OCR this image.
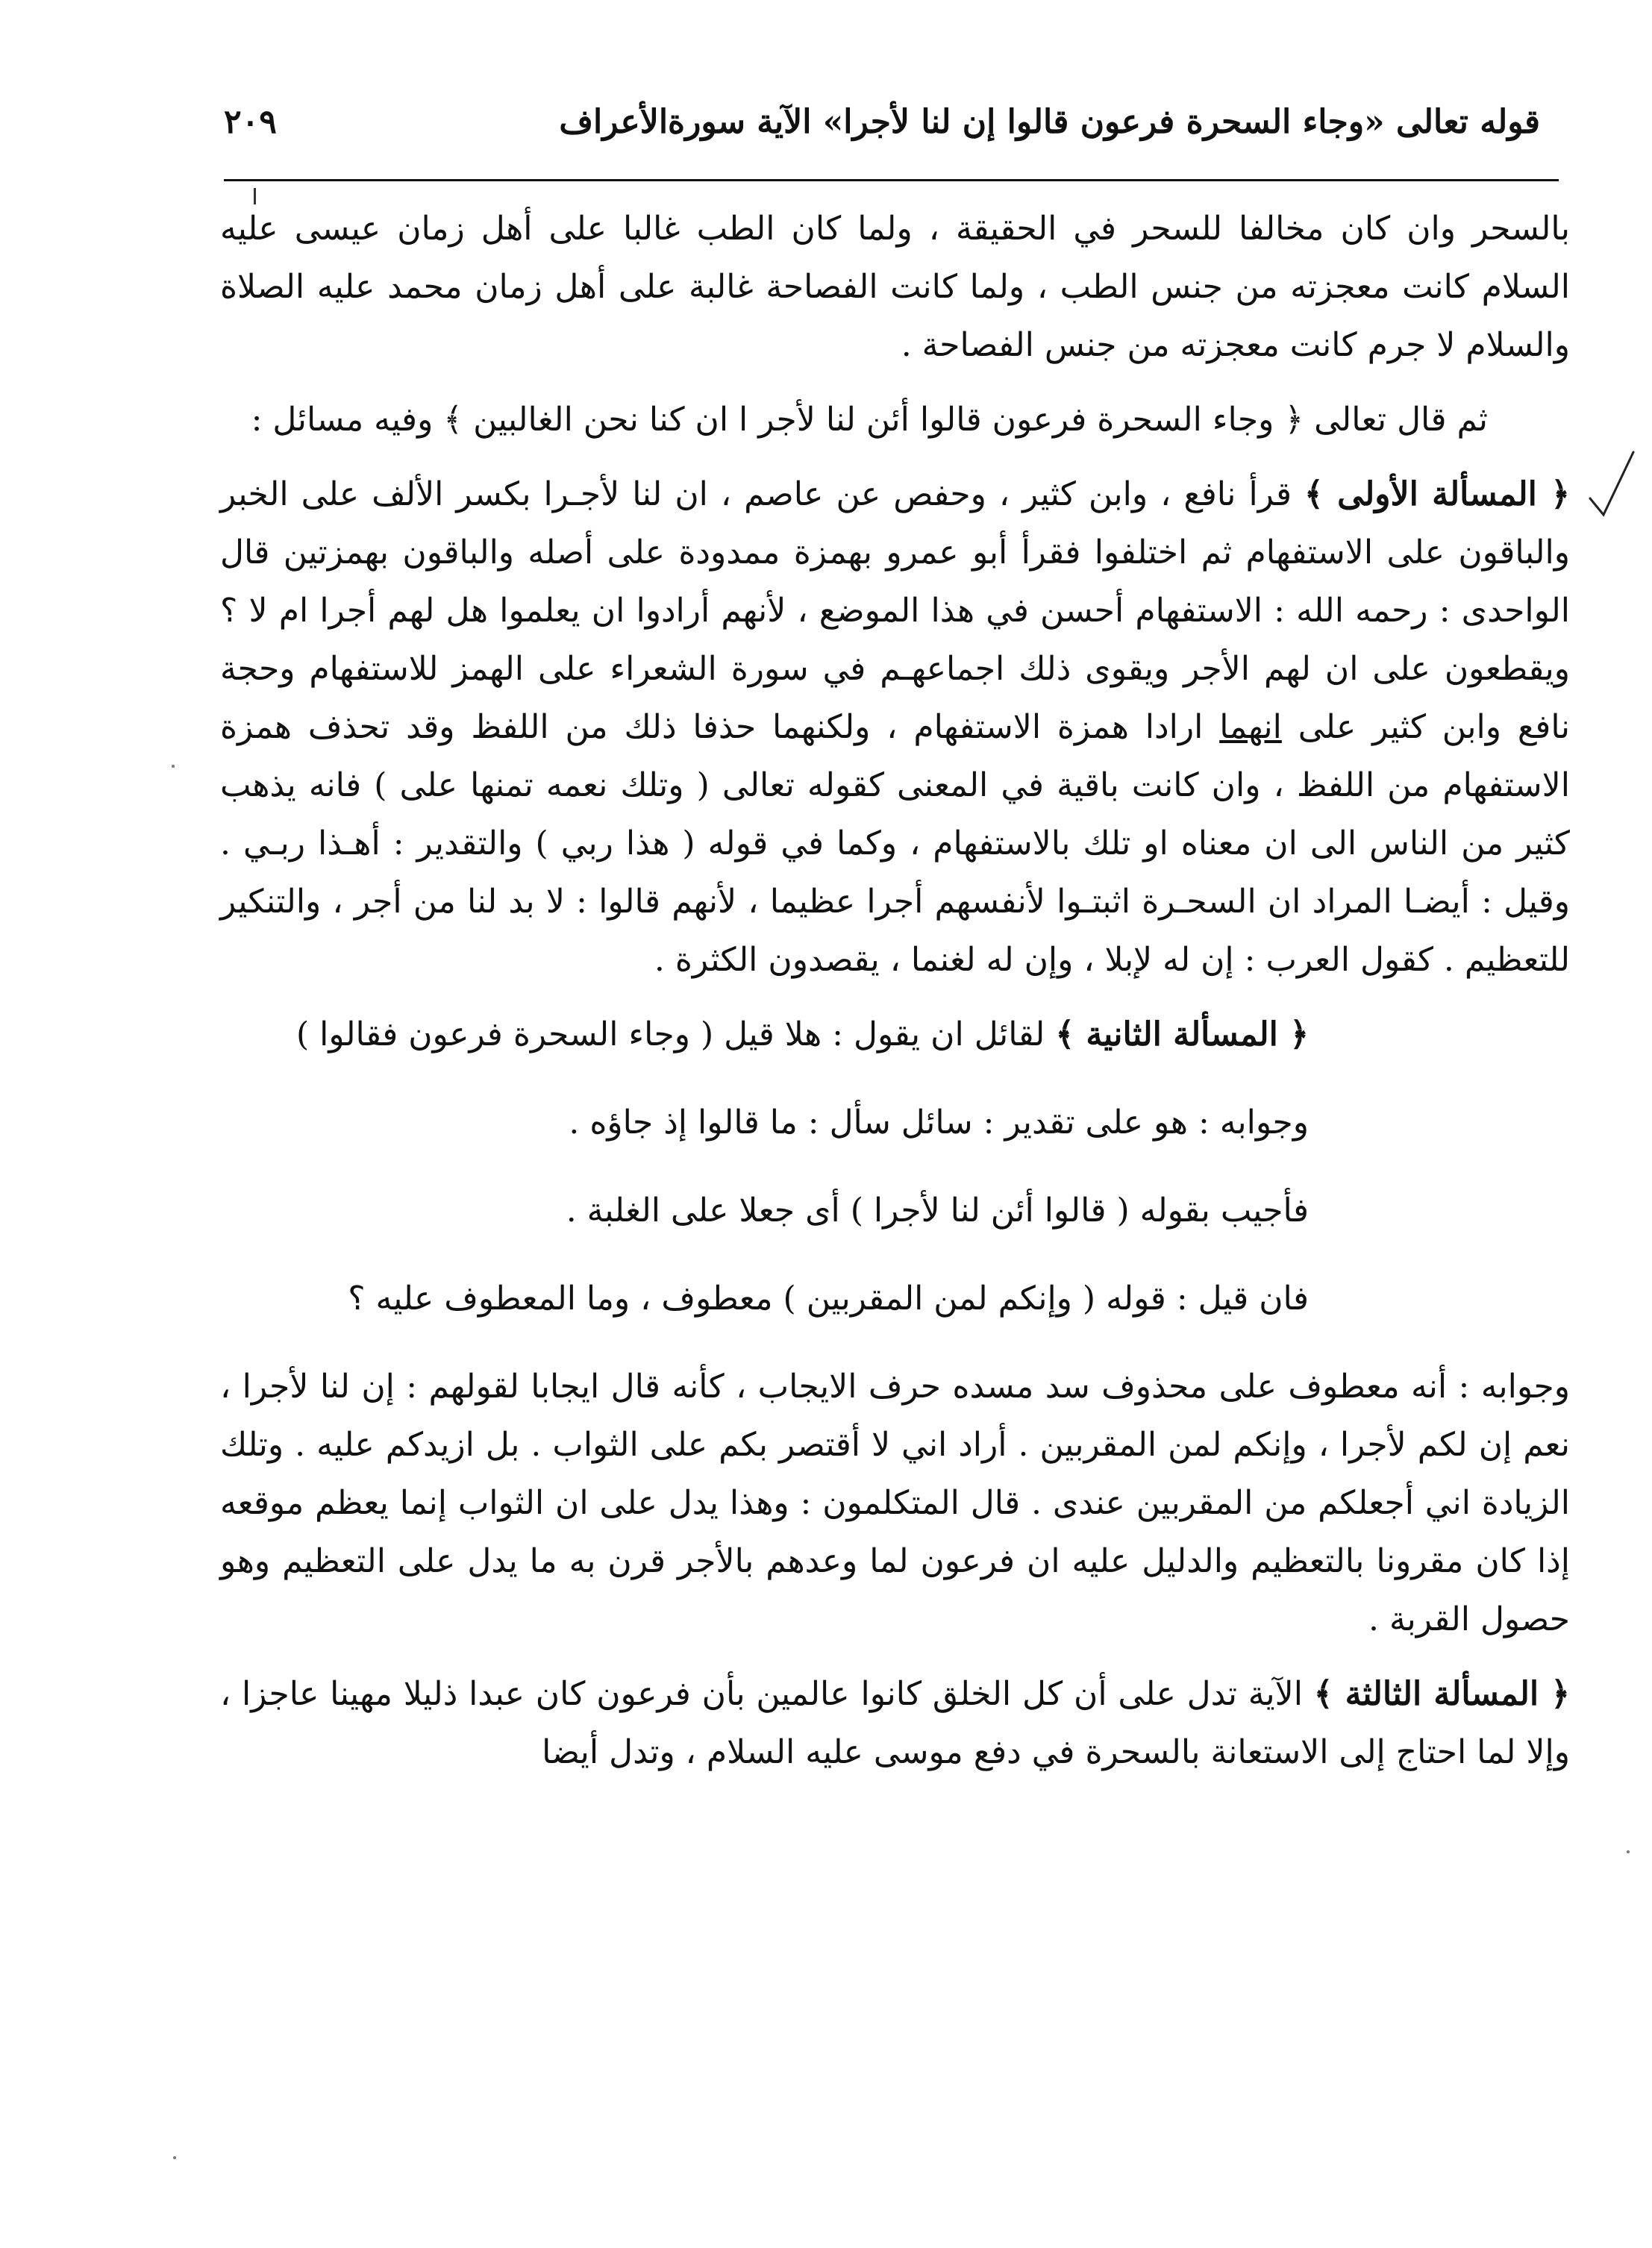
قوله تعالى «وجاء السحرة فرعون قالوا إن لنا لأجرا» الآية سورةالأعراف
٢٠٩

بالسحر وان كان مخالفا للسحر في الحقيقة ، ولما كان الطب غالبا على أهل زمان عيسى عليه السلام كانت معجزته من جنس الطب ، ولما كانت الفصاحة غالبة على أهل زمان محمد عليه الصلاة والسلام لا جرم كانت معجزته من جنس الفصاحة .

ثم قال تعالى ﴿ وجاء السحرة فرعون قالوا أئن لنا لأجر ا ان كنا نحن الغالبين ﴾ وفيه مسائل :

﴿ المسألة الأولى ﴾ قرأ نافع ، وابن كثير ، وحفص عن عاصم ، ان لنا لأجـرا بكسر الألف على الخبر والباقون على الاستفهام ثم اختلفوا فقرأ أبو عمرو بهمزة ممدودة على أصله والباقون بهمزتين قال الواحدى : رحمه الله : الاستفهام أحسن في هذا الموضع ، لأنهم أرادوا ان يعلموا هل لهم أجرا ام لا ؟ ويقطعون على ان لهم الأجر ويقوى ذلك اجماعهـم في سورة الشعراء على الهمز للاستفهام وحجة نافع وابن كثير على انهما ارادا همزة الاستفهام ، ولكنهما حذفا ذلك من اللفظ وقد تحذف همزة الاستفهام من اللفظ ، وان كانت باقية في المعنى كقوله تعالى ( وتلك نعمه تمنها على ) فانه يذهب كثير من الناس الى ان معناه او تلك بالاستفهام ، وكما في قوله ( هذا ربي ) والتقدير : أهـذا ربـي . وقيل : أيضـا المراد ان السحـرة اثبتـوا لأنفسهم أجرا عظيما ، لأنهم قالوا : لا بد لنا من أجر ، والتنكير للتعظيم . كقول العرب : إن له لإبلا ، وإن له لغنما ، يقصدون الكثرة .

﴿ المسألة الثانية ﴾ لقائل ان يقول : هلا قيل ( وجاء السحرة فرعون فقالوا )

وجوابه : هو على تقدير : سائل سأل : ما قالوا إذ جاؤه .

فأجيب بقوله ( قالوا أئن لنا لأجرا ) أى جعلا على الغلبة .

فان قيل : قوله ( وإنكم لمن المقربين ) معطوف ، وما المعطوف عليه ؟

وجوابه : أنه معطوف على محذوف سد مسده حرف الايجاب ، كأنه قال ايجابا لقولهم : إن لنا لأجرا ، نعم إن لكم لأجرا ، وإنكم لمن المقربين . أراد اني لا أقتصر بكم على الثواب . بل ازيدكم عليه . وتلك الزيادة اني أجعلكم من المقربين عندى . قال المتكلمون : وهذا يدل على ان الثواب إنما يعظم موقعه إذا كان مقرونا بالتعظيم والدليل عليه ان فرعون لما وعدهم بالأجر قرن به ما يدل على التعظيم وهو حصول القربة .

﴿ المسألة الثالثة ﴾ الآية تدل على أن كل الخلق كانوا عالمين بأن فرعون كان عبدا ذليلا مهينا عاجزا ، وإلا لما احتاج إلى الاستعانة بالسحرة في دفع موسى عليه السلام ، وتدل أيضا
